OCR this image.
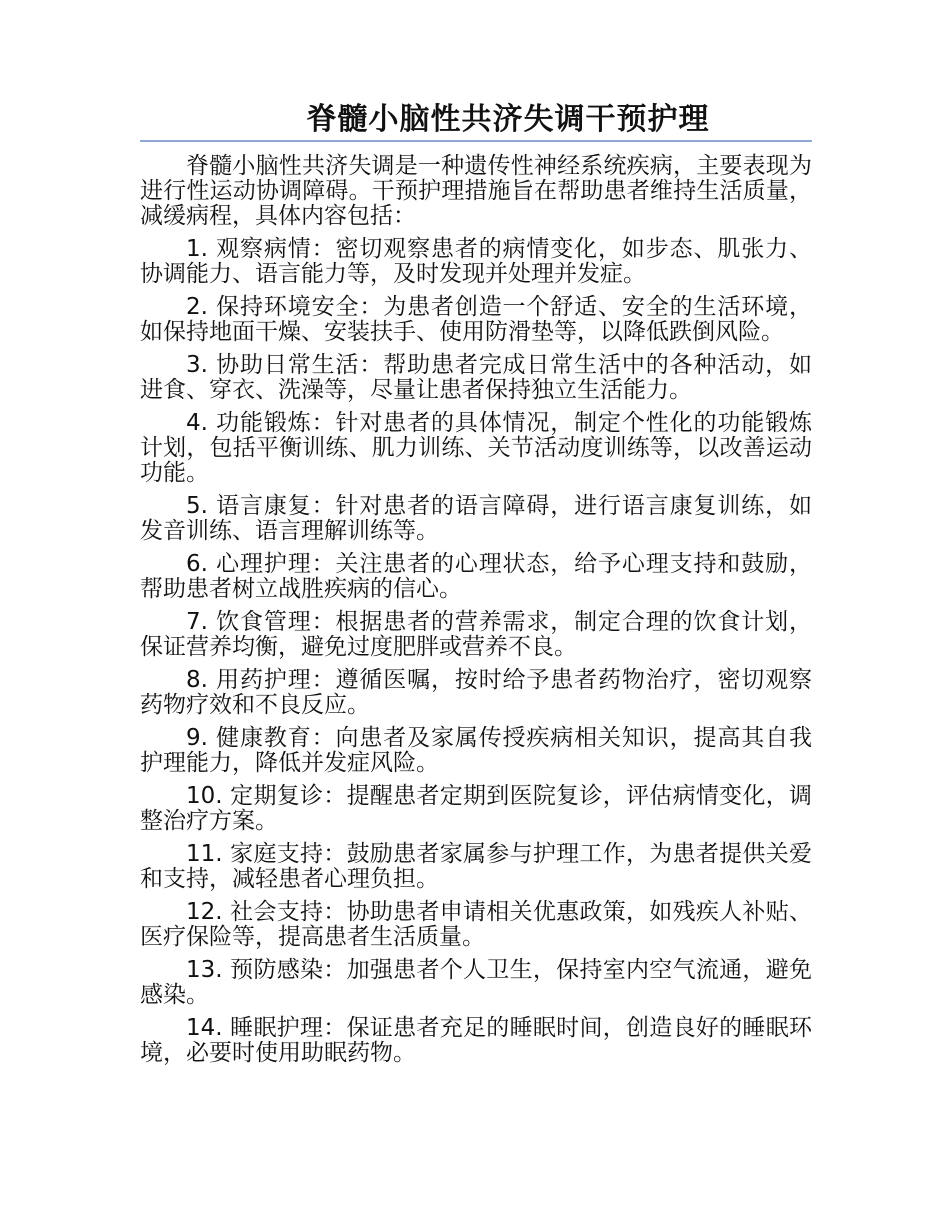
脊髓小脑性共济失调干预护理

脊髓小脑性共济失调是一种遗传性神经系统疾病，主要表现为进行性运动协调障碍。干预护理措施旨在帮助患者维持生活质量，减缓病程，具体内容包括：

1. 观察病情：密切观察患者的病情变化，如步态、肌张力、协调能力、语言能力等，及时发现并处理并发症。

2. 保持环境安全：为患者创造一个舒适、安全的生活环境，如保持地面干燥、安装扶手、使用防滑垫等，以降低跌倒风险。

3. 协助日常生活：帮助患者完成日常生活中的各种活动，如进食、穿衣、洗澡等，尽量让患者保持独立生活能力。

4. 功能锻炼：针对患者的具体情况，制定个性化的功能锻炼计划，包括平衡训练、肌力训练、关节活动度训练等，以改善运动功能。

5. 语言康复：针对患者的语言障碍，进行语言康复训练，如发音训练、语言理解训练等。

6. 心理护理：关注患者的心理状态，给予心理支持和鼓励，帮助患者树立战胜疾病的信心。

7. 饮食管理：根据患者的营养需求，制定合理的饮食计划，保证营养均衡，避免过度肥胖或营养不良。

8. 用药护理：遵循医嘱，按时给予患者药物治疗，密切观察药物疗效和不良反应。

9. 健康教育：向患者及家属传授疾病相关知识，提高其自我护理能力，降低并发症风险。

10. 定期复诊：提醒患者定期到医院复诊，评估病情变化，调整治疗方案。

11. 家庭支持：鼓励患者家属参与护理工作，为患者提供关爱和支持，减轻患者心理负担。

12. 社会支持：协助患者申请相关优惠政策，如残疾人补贴、医疗保险等，提高患者生活质量。

13. 预防感染：加强患者个人卫生，保持室内空气流通，避免感染。

14. 睡眠护理：保证患者充足的睡眠时间，创造良好的睡眠环境，必要时使用助眠药物。
